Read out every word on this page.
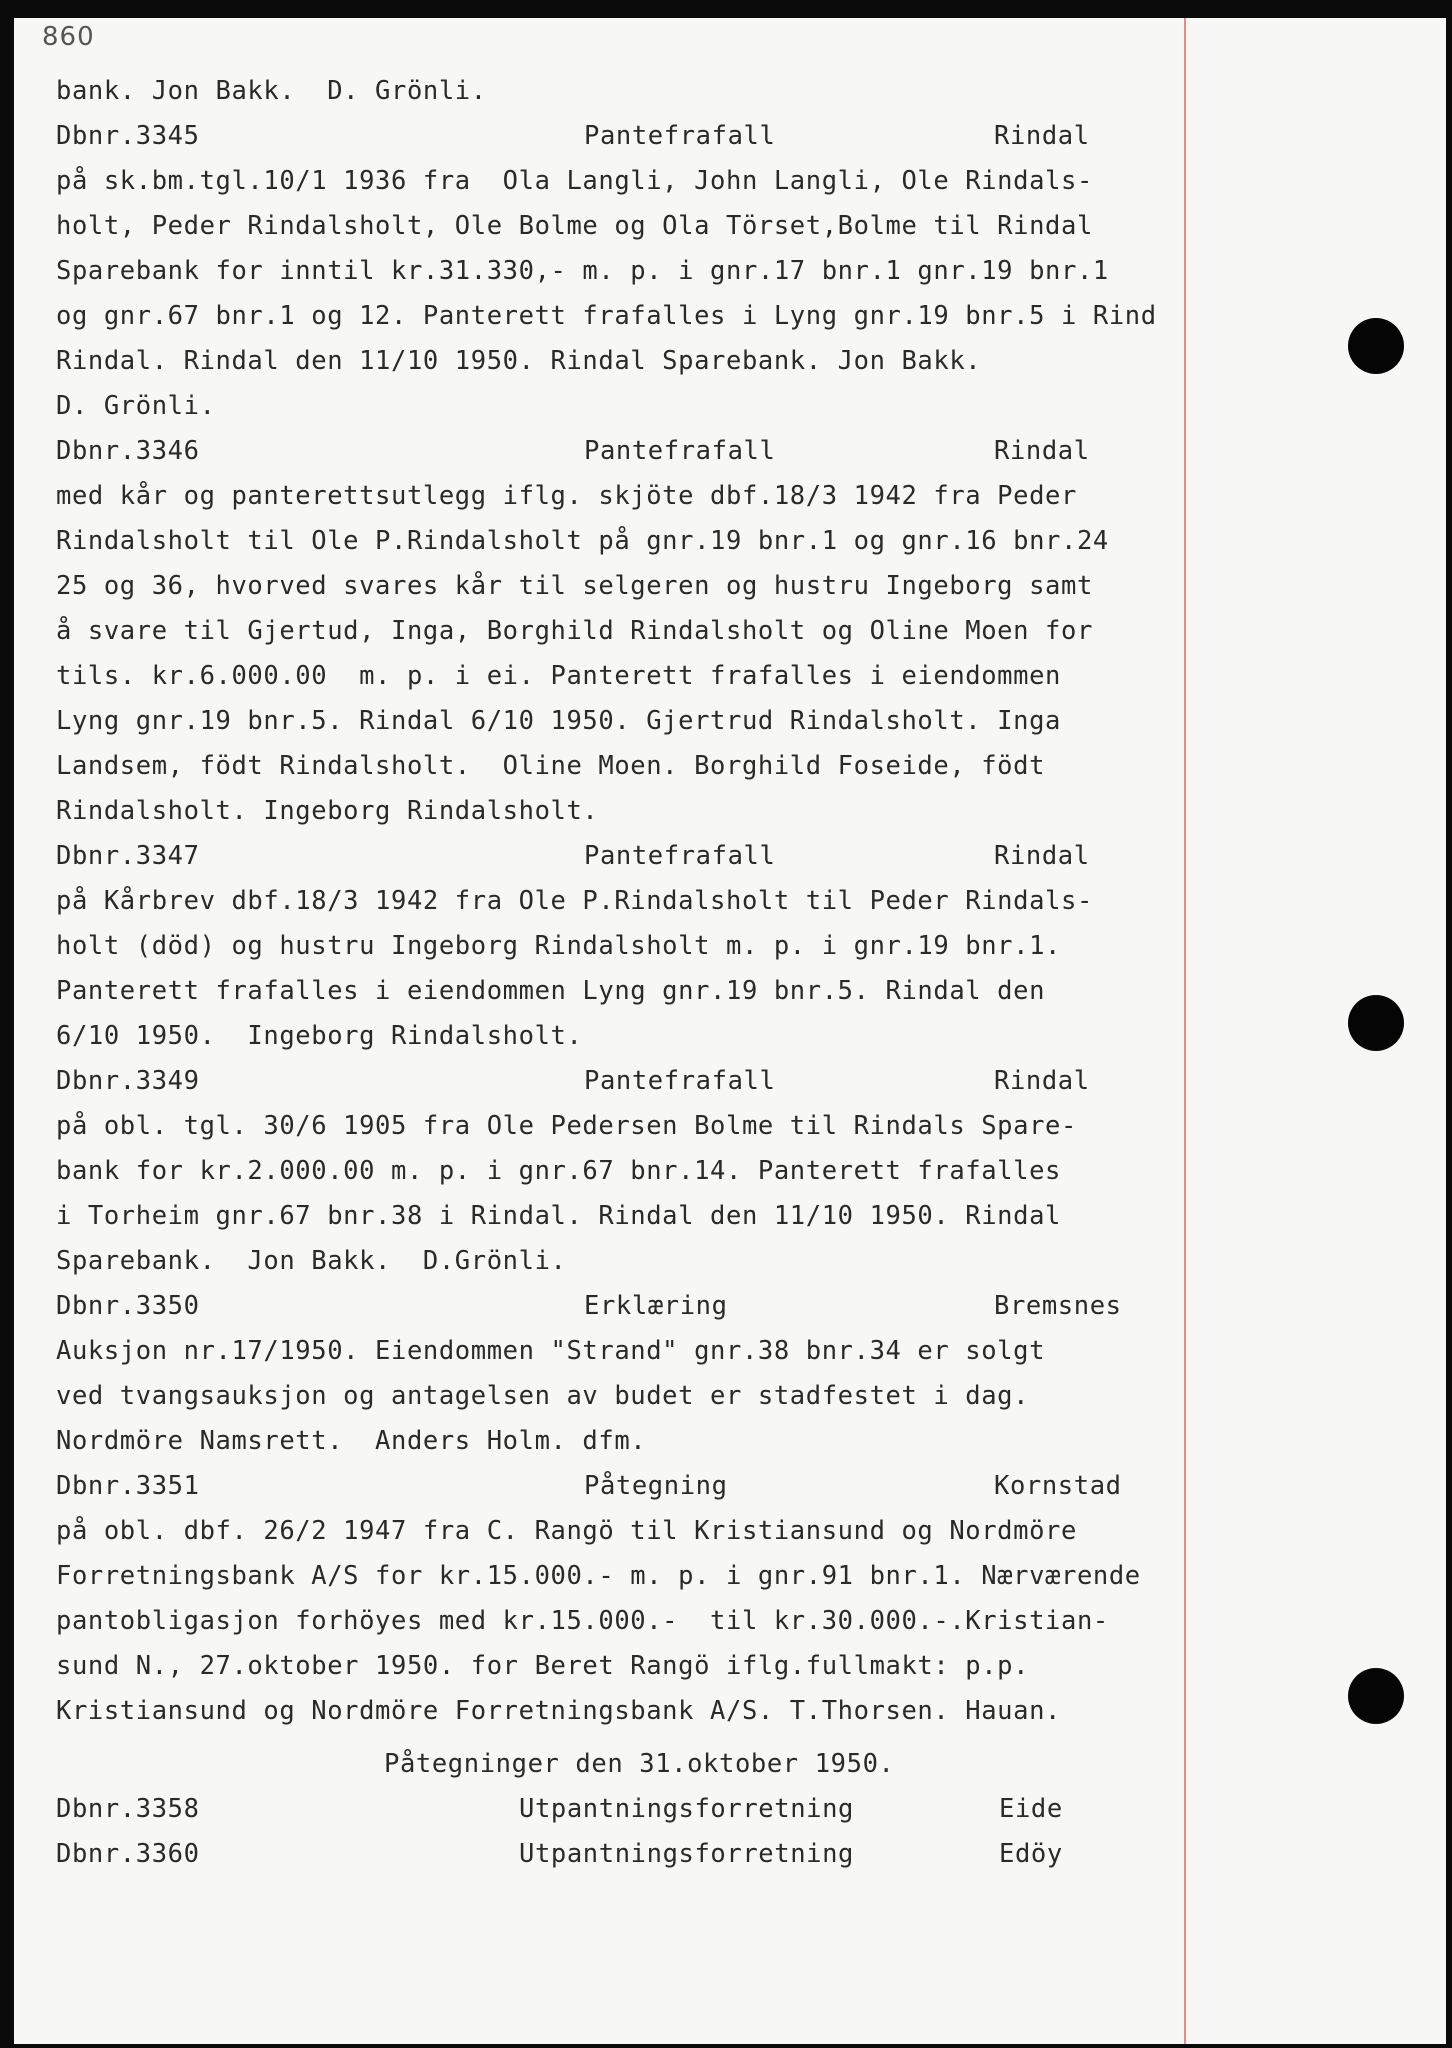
860
bank. Jon Bakk.  D. Grönli.
Dbnr.3345	Pantefrafall	Rindal
på sk.bm.tgl.10/1 1936 fra  Ola Langli, John Langli, Ole Rindals-
holt, Peder Rindalsholt, Ole Bolme og Ola Törset,Bolme til Rindal
Sparebank for inntil kr.31.330,- m. p. i gnr.17 bnr.1 gnr.19 bnr.1
og gnr.67 bnr.1 og 12. Panterett frafalles i Lyng gnr.19 bnr.5 i Rind
Rindal. Rindal den 11/10 1950. Rindal Sparebank. Jon Bakk.
D. Grönli.
Dbnr.3346	Pantefrafall	Rindal
med kår og panterettsutlegg iflg. skjöte dbf.18/3 1942 fra Peder
Rindalsholt til Ole P.Rindalsholt på gnr.19 bnr.1 og gnr.16 bnr.24
25 og 36, hvorved svares kår til selgeren og hustru Ingeborg samt
å svare til Gjertud, Inga, Borghild Rindalsholt og Oline Moen for
tils. kr.6.000.00  m. p. i ei. Panterett frafalles i eiendommen
Lyng gnr.19 bnr.5. Rindal 6/10 1950. Gjertrud Rindalsholt. Inga
Landsem, födt Rindalsholt.  Oline Moen. Borghild Foseide, födt
Rindalsholt. Ingeborg Rindalsholt.
Dbnr.3347	Pantefrafall	Rindal
på Kårbrev dbf.18/3 1942 fra Ole P.Rindalsholt til Peder Rindals-
holt (död) og hustru Ingeborg Rindalsholt m. p. i gnr.19 bnr.1.
Panterett frafalles i eiendommen Lyng gnr.19 bnr.5. Rindal den
6/10 1950.  Ingeborg Rindalsholt.
Dbnr.3349	Pantefrafall	Rindal
på obl. tgl. 30/6 1905 fra Ole Pedersen Bolme til Rindals Spare-
bank for kr.2.000.00 m. p. i gnr.67 bnr.14. Panterett frafalles
i Torheim gnr.67 bnr.38 i Rindal. Rindal den 11/10 1950. Rindal
Sparebank.  Jon Bakk.  D.Grönli.
Dbnr.3350	Erklæring	Bremsnes
Auksjon nr.17/1950. Eiendommen "Strand" gnr.38 bnr.34 er solgt
ved tvangsauksjon og antagelsen av budet er stadfestet i dag.
Nordmöre Namsrett.  Anders Holm. dfm.
Dbnr.3351	Påtegning	Kornstad
på obl. dbf. 26/2 1947 fra C. Rangö til Kristiansund og Nordmöre
Forretningsbank A/S for kr.15.000.- m. p. i gnr.91 bnr.1. Nærværende
pantobligasjon forhöyes med kr.15.000.-  til kr.30.000.-.Kristian-
sund N., 27.oktober 1950. for Beret Rangö iflg.fullmakt: p.p.
Kristiansund og Nordmöre Forretningsbank A/S. T.Thorsen. Hauan.
Påtegninger den 31.oktober 1950.
Dbnr.3358	Utpantningsforretning	Eide
Dbnr.3360	Utpantningsforretning	Edöy
